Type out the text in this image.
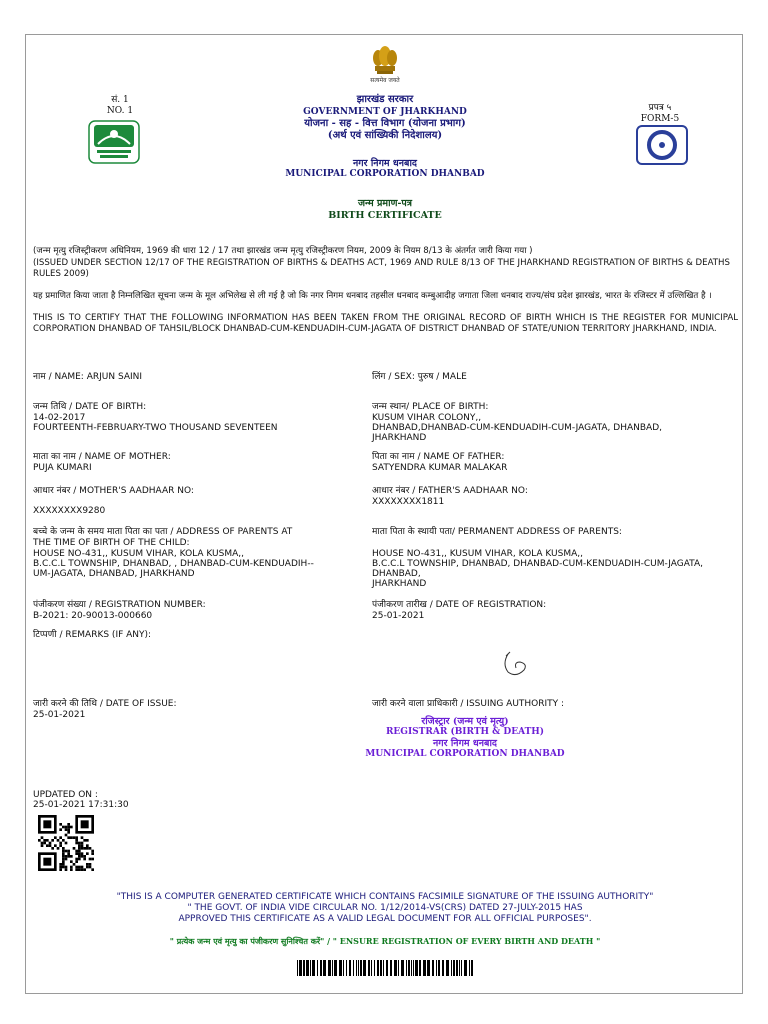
सं. 1
NO. 1
सत्यमेव जयते
झारखंड सरकार
GOVERNMENT OF JHARKHAND
योजना - सह - वित्त विभाग (योजना प्रभाग)
(अर्थ एवं सांख्यिकी निदेशालय)
नगर निगम धनबाद
MUNICIPAL CORPORATION DHANBAD
प्रपत्र ५
FORM-5
जन्म प्रमाण-पत्र
BIRTH CERTIFICATE
(जन्म मृत्यु रजिस्ट्रीकरण अधिनियम, 1969 की धारा 12 / 17 तथा झारखंड जन्म मृत्यु रजिस्ट्रीकरण नियम, 2009 के नियम 8/13 के अंतर्गत जारी किया गया )
(ISSUED UNDER SECTION 12/17 OF THE REGISTRATION OF BIRTHS & DEATHS ACT, 1969 AND RULE 8/13 OF THE JHARKHAND REGISTRATION OF BIRTHS & DEATHS RULES 2009)
यह प्रमाणित किया जाता है निम्नलिखित सूचना जन्म के मूल अभिलेख से ली गई है जो कि नगर निगम धनबाद तहसील धनबाद कम्बुआदीह जगाता जिला धनबाद राज्य/संघ प्रदेश झारखंड, भारत के रजिस्टर में उल्लिखित है ।
THIS IS TO CERTIFY THAT THE FOLLOWING INFORMATION HAS BEEN TAKEN FROM THE ORIGINAL RECORD OF BIRTH WHICH IS THE REGISTER FOR MUNICIPAL CORPORATION DHANBAD OF TAHSIL/BLOCK DHANBAD-CUM-KENDUADIH-CUM-JAGATA OF DISTRICT DHANBAD OF STATE/UNION TERRITORY JHARKHAND, INDIA.
नाम / NAME: ARJUN SAINI	लिंग / SEX: पुरुष / MALE
जन्म तिथि / DATE OF BIRTH:
14-02-2017
FOURTEENTH-FEBRUARY-TWO THOUSAND SEVENTEEN
जन्म स्थान/ PLACE OF BIRTH:
KUSUM VIHAR COLONY,,
DHANBAD,DHANBAD-CUM-KENDUADIH-CUM-JAGATA, DHANBAD,
JHARKHAND
माता का नाम / NAME OF MOTHER:
PUJA KUMARI
पिता का नाम / NAME OF FATHER:
SATYENDRA KUMAR MALAKAR
आधार नंबर / MOTHER'S AADHAAR NO:
XXXXXXXX9280
आधार नंबर / FATHER'S AADHAAR NO:
XXXXXXXX1811
बच्चे के जन्म के समय माता पिता का पता / ADDRESS OF PARENTS AT
THE TIME OF BIRTH OF THE CHILD:
HOUSE NO-431,, KUSUM VIHAR, KOLA KUSMA,,
B.C.C.L TOWNSHIP, DHANBAD, , DHANBAD-CUM-KENDUADIH--
UM-JAGATA, DHANBAD, JHARKHAND
माता पिता के स्थायी पता/ PERMANENT ADDRESS OF PARENTS:
HOUSE NO-431,, KUSUM VIHAR, KOLA KUSMA,,
B.C.C.L TOWNSHIP, DHANBAD, DHANBAD-CUM-KENDUADIH-CUM-JAGATA,
DHANBAD,
JHARKHAND
पंजीकरण संख्या / REGISTRATION NUMBER:
B-2021: 20-90013-000660
पंजीकरण तारीख / DATE OF REGISTRATION:
25-01-2021
टिप्पणी / REMARKS (IF ANY):
जारी करने की तिथि / DATE OF ISSUE:
25-01-2021
जारी करने वाला प्राधिकारी / ISSUING AUTHORITY :
रजिस्ट्रार (जन्म एवं मृत्यु)
REGISTRAR (BIRTH & DEATH)
नगर निगम धनबाद
MUNICIPAL CORPORATION DHANBAD
UPDATED ON :
25-01-2021 17:31:30
"THIS IS A COMPUTER GENERATED CERTIFICATE WHICH CONTAINS FACSIMILE SIGNATURE OF THE ISSUING AUTHORITY"
" THE GOVT. OF INDIA VIDE CIRCULAR NO. 1/12/2014-VS(CRS) DATED 27-JULY-2015 HAS
APPROVED THIS CERTIFICATE AS A VALID LEGAL DOCUMENT FOR ALL OFFICIAL PURPOSES".
" प्रत्येक जन्म एवं मृत्यु का पंजीकरण सुनिश्चित करें" / " ENSURE REGISTRATION OF EVERY BIRTH AND DEATH "
